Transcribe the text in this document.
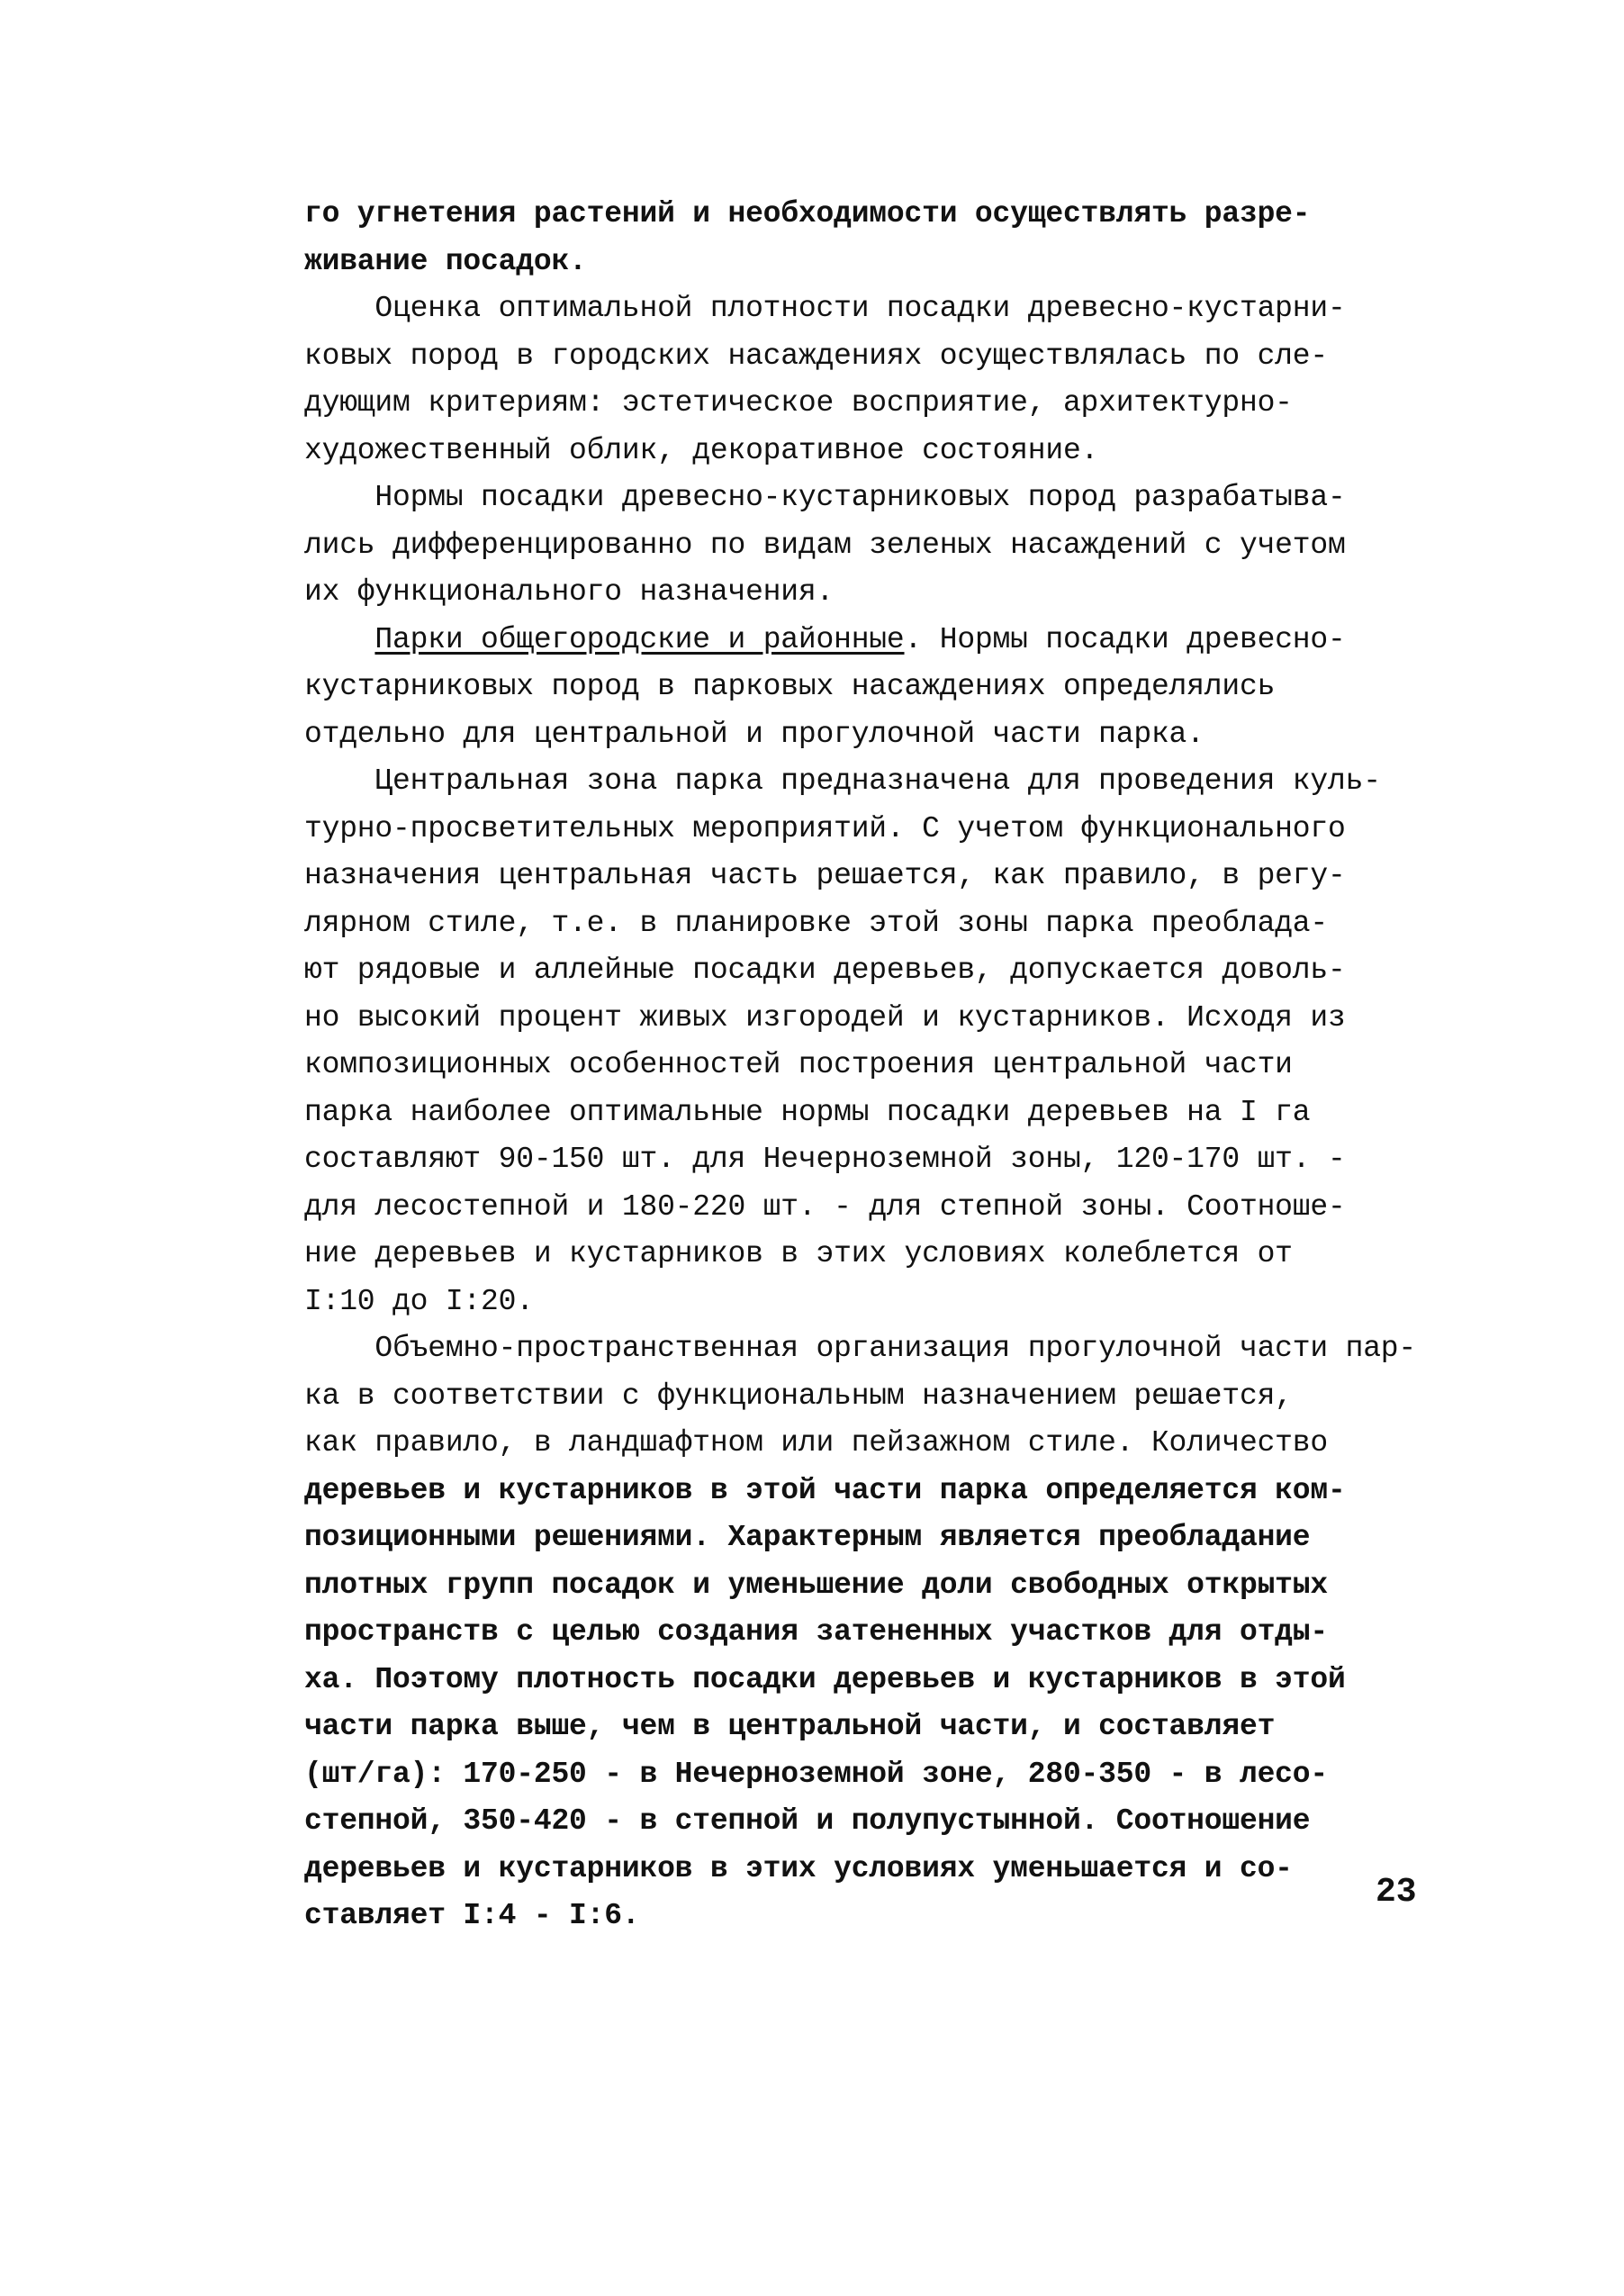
го угнетения растений и необходимости осуществлять разре-
живание посадок.
Оценка оптимальной плотности посадки древесно-кустарни-
ковых пород в городских насаждениях осуществлялась по сле-
дующим критериям: эстетическое восприятие, архитектурно-
художественный облик, декоративное состояние.
Нормы посадки древесно-кустарниковых пород разрабатыва-
лись дифференцированно по видам зеленых насаждений с учетом
их функционального назначения.
Парки общегородские и районные. Нормы посадки древесно-
кустарниковых пород в парковых насаждениях определялись
отдельно для центральной и прогулочной части парка.
Центральная зона парка предназначена для проведения куль-
турно-просветительных мероприятий. С учетом функционального
назначения центральная часть решается, как правило, в регу-
лярном стиле, т.е. в планировке этой зоны парка преоблада-
ют рядовые и аллейные посадки деревьев, допускается доволь-
но высокий процент живых изгородей и кустарников. Исходя из
композиционных особенностей построения центральной части
парка наиболее оптимальные нормы посадки деревьев на I га
составляют 90-150 шт. для Нечерноземной зоны, 120-170 шт. -
для лесостепной и 180-220 шт. - для степной зоны. Соотноше-
ние деревьев и кустарников в этих условиях колеблется от
I:10 до I:20.
Объемно-пространственная организация прогулочной части пар-
ка в соответствии с функциональным назначением решается,
как правило, в ландшафтном или пейзажном стиле. Количество
деревьев и кустарников в этой части парка определяется ком-
позиционными решениями. Характерным является преобладание
плотных групп посадок и уменьшение доли свободных открытых
пространств с целью создания затененных участков для отды-
ха. Поэтому плотность посадки деревьев и кустарников в этой
части парка выше, чем в центральной части, и составляет
(шт/га): 170-250 - в Нечерноземной зоне, 280-350 - в лесо-
степной, 350-420 - в степной и полупустынной. Соотношение
деревьев и кустарников в этих условиях уменьшается и со-
ставляет I:4 - I:6.
23
